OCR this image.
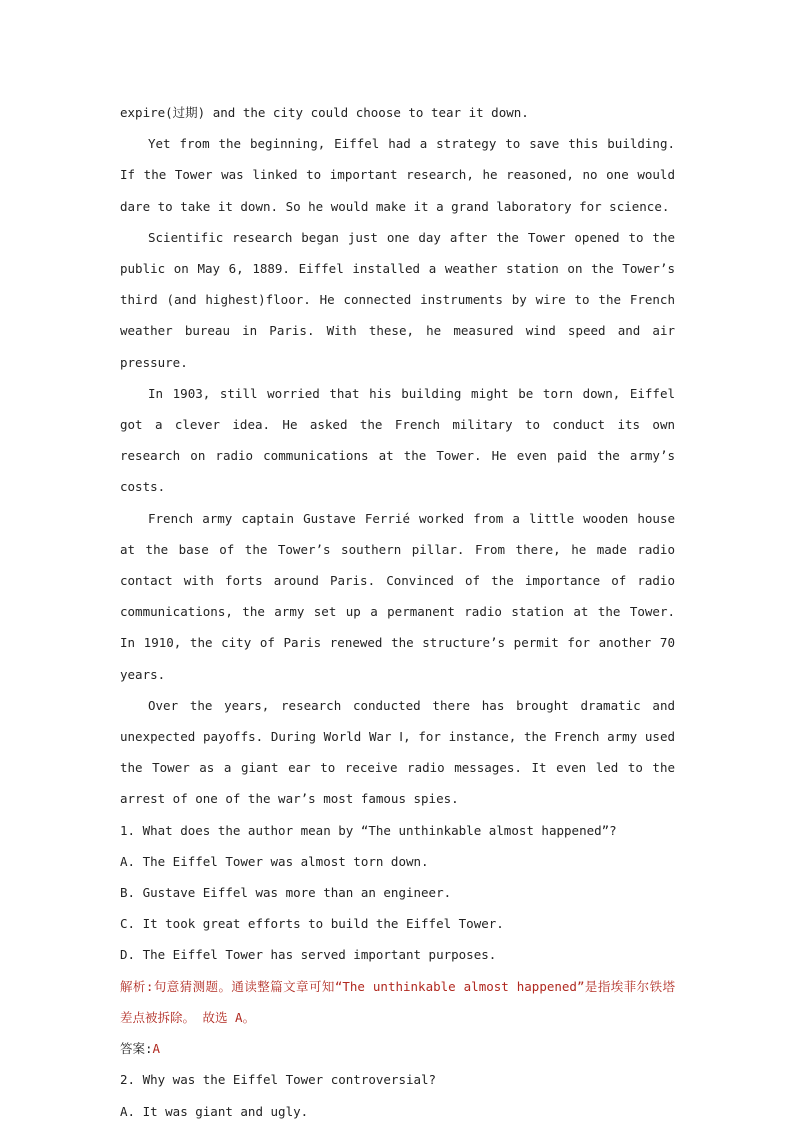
expire(过期) and the city could choose to tear it down.

Yet from the beginning, Eiffel had a strategy to save this building. If the Tower was linked to important research, he reasoned, no one would dare to take it down. So he would make it a grand laboratory for science.

Scientific research began just one day after the Tower opened to the public on May 6, 1889. Eiffel installed a weather station on the Tower’s third (and highest)floor. He connected instruments by wire to the French weather bureau in Paris. With these, he measured wind speed and air pressure.

In 1903, still worried that his building might be torn down, Eiffel got a clever idea. He asked the French military to conduct its own research on radio communications at the Tower. He even paid the army’s costs.

French army captain Gustave Ferrié worked from a little wooden house at the base of the Tower’s southern pillar. From there, he made radio contact with forts around Paris. Convinced of the importance of radio communications, the army set up a permanent radio station at the Tower. In 1910, the city of Paris renewed the structure’s permit for another 70 years.

Over the years, research conducted there has brought dramatic and unexpected payoffs. During World War Ⅰ, for instance, the French army used the Tower as a giant ear to receive radio messages. It even led to the arrest of one of the war’s most famous spies.

1. What does the author mean by “The unthinkable almost happened”?

A. The Eiffel Tower was almost torn down.

B. Gustave Eiffel was more than an engineer.

C. It took great efforts to build the Eiffel Tower.

D. The Eiffel Tower has served important purposes.

解析:句意猜测题。通读整篇文章可知“The unthinkable almost happened”是指埃菲尔铁塔差点被拆除。 故选 A。

答案:A

2. Why was the Eiffel Tower controversial?

A. It was giant and ugly.
